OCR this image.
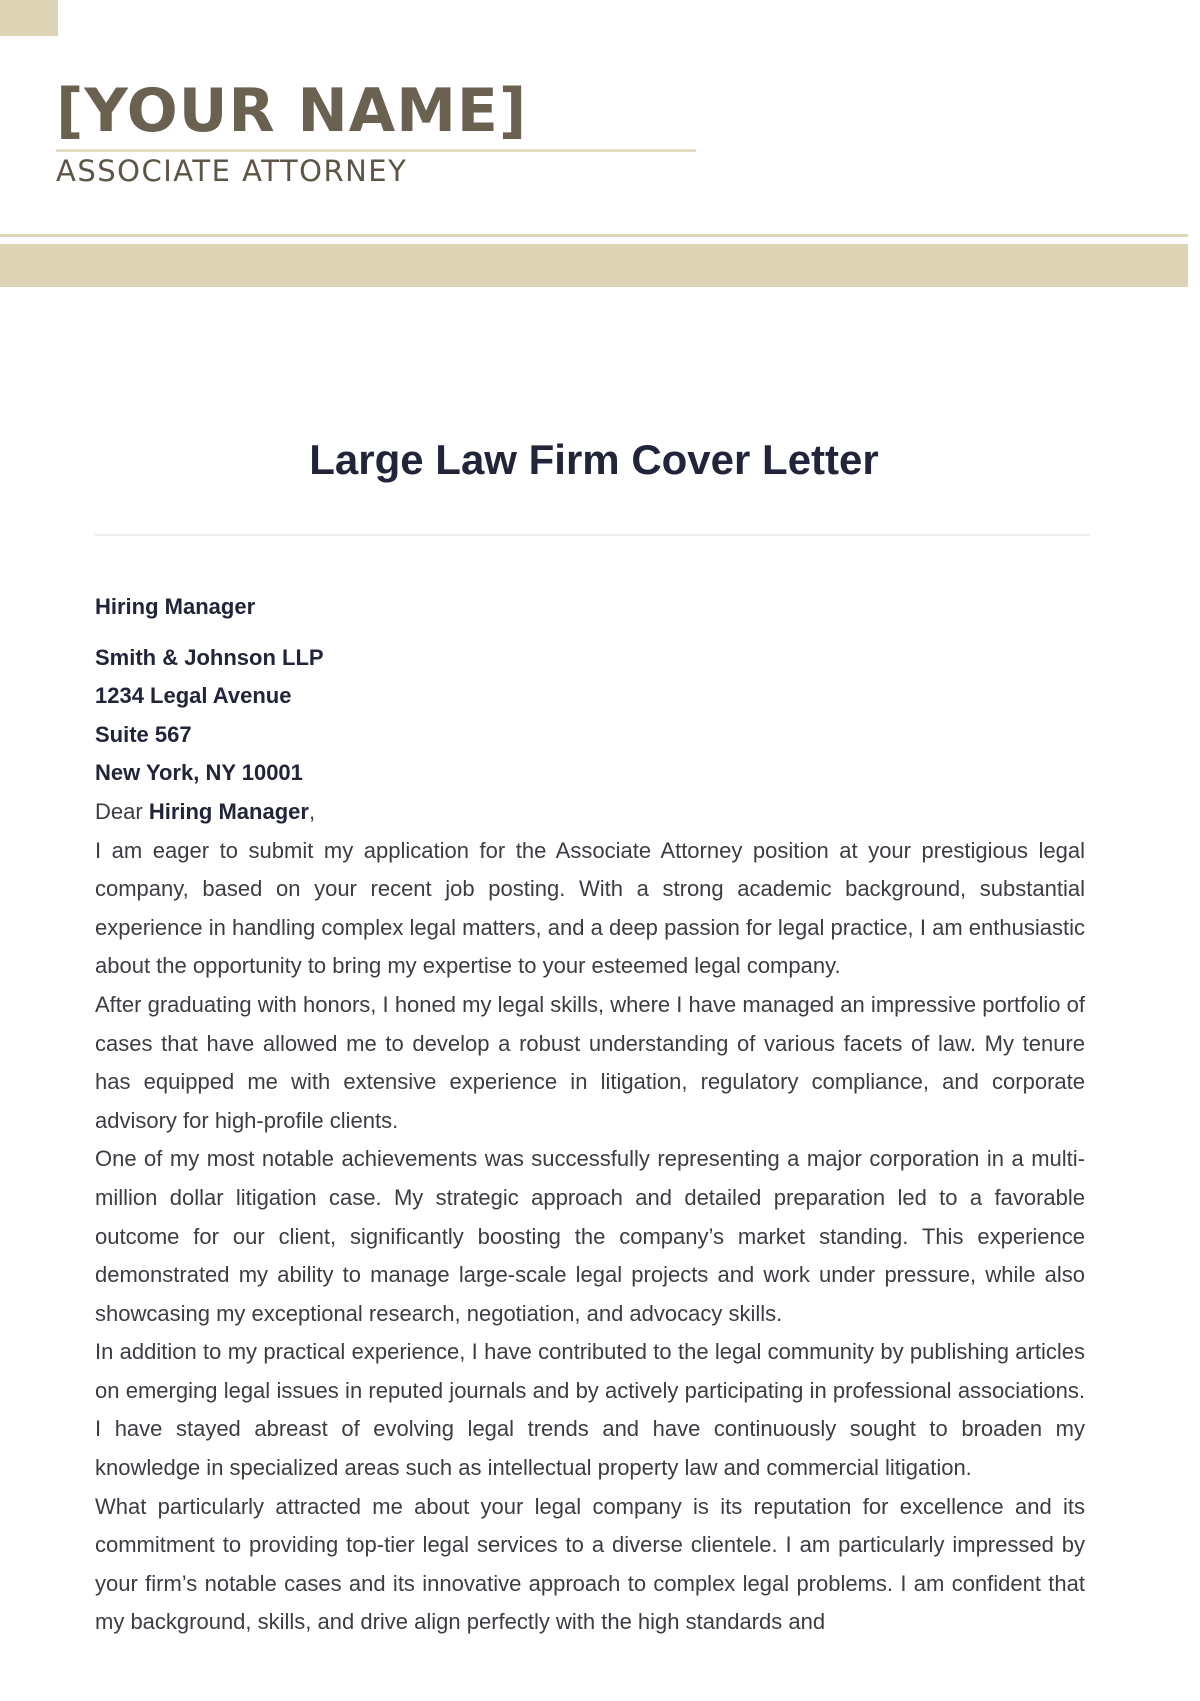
[YOUR NAME]
ASSOCIATE ATTORNEY
Large Law Firm Cover Letter
Hiring Manager
Smith & Johnson LLP
1234 Legal Avenue
Suite 567
New York, NY 10001
Dear Hiring Manager,
I am eager to submit my application for the Associate Attorney position at your prestigious legal company, based on your recent job posting. With a strong academic background, substantial experience in handling complex legal matters, and a deep passion for legal practice, I am enthusiastic about the opportunity to bring my expertise to your esteemed legal company.
After graduating with honors, I honed my legal skills, where I have managed an impressive portfolio of cases that have allowed me to develop a robust understanding of various facets of law. My tenure has equipped me with extensive experience in litigation, regulatory compliance, and corporate advisory for high-profile clients.
One of my most notable achievements was successfully representing a major corporation in a multi-million dollar litigation case. My strategic approach and detailed preparation led to a favorable outcome for our client, significantly boosting the company’s market standing. This experience demonstrated my ability to manage large-scale legal projects and work under pressure, while also showcasing my exceptional research, negotiation, and advocacy skills.
In addition to my practical experience, I have contributed to the legal community by publishing articles on emerging legal issues in reputed journals and by actively participating in professional associations. I have stayed abreast of evolving legal trends and have continuously sought to broaden my knowledge in specialized areas such as intellectual property law and commercial litigation.
What particularly attracted me about your legal company is its reputation for excellence and its commitment to providing top-tier legal services to a diverse clientele. I am particularly impressed by your firm’s notable cases and its innovative approach to complex legal problems. I am confident that my background, skills, and drive align perfectly with the high standards and
